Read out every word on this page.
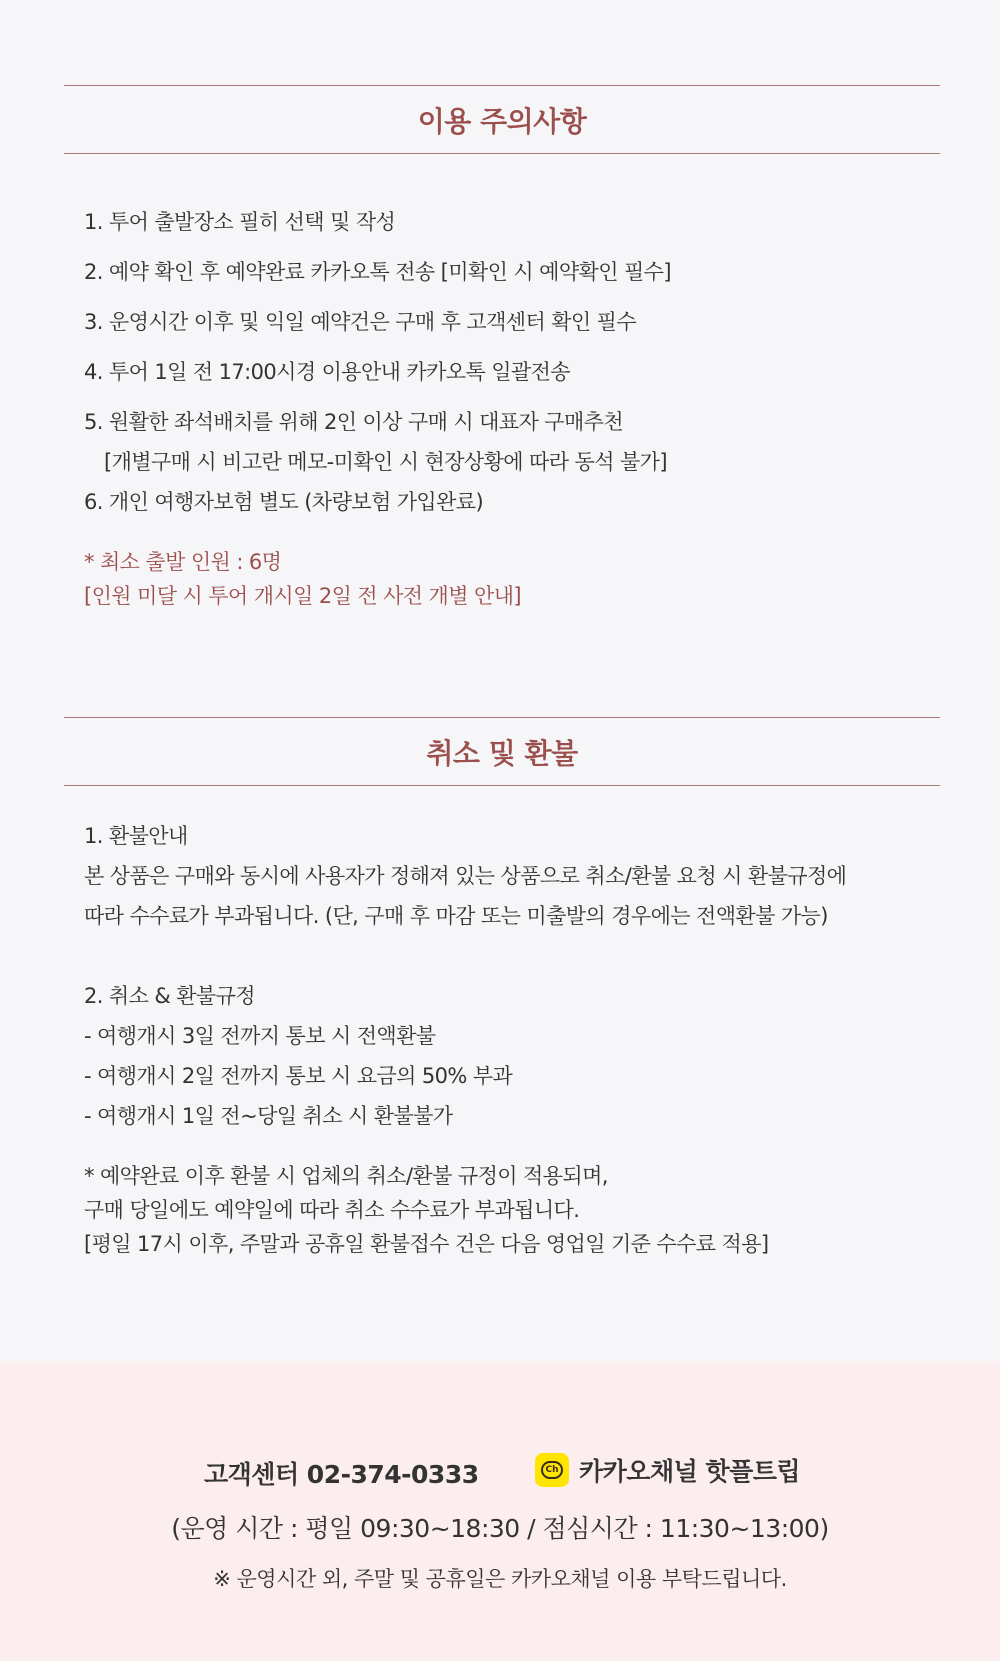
이용 주의사항
1. 투어 출발장소 필히 선택 및 작성
2. 예약 확인 후 예약완료 카카오톡 전송 [미확인 시 예약확인 필수]
3. 운영시간 이후 및 익일 예약건은 구매 후 고객센터 확인 필수
4. 투어 1일 전 17:00시경 이용안내 카카오톡 일괄전송
5. 원활한 좌석배치를 위해 2인 이상 구매 시 대표자 구매추천
[개별구매 시 비고란 메모-미확인 시 현장상황에 따라 동석 불가]
6. 개인 여행자보험 별도 (차량보험 가입완료)
* 최소 출발 인원 : 6명
[인원 미달 시 투어 개시일 2일 전 사전 개별 안내]
취소 및 환불
1. 환불안내
본 상품은 구매와 동시에 사용자가 정해져 있는 상품으로 취소/환불 요청 시 환불규정에
따라 수수료가 부과됩니다. (단, 구매 후 마감 또는 미출발의 경우에는 전액환불 가능)
2. 취소 & 환불규정
- 여행개시 3일 전까지 통보 시 전액환불
- 여행개시 2일 전까지 통보 시 요금의 50% 부과
- 여행개시 1일 전~당일 취소 시 환불불가
* 예약완료 이후 환불 시 업체의 취소/환불 규정이 적용되며,
구매 당일에도 예약일에 따라 취소 수수료가 부과됩니다.
[평일 17시 이후, 주말과 공휴일 환불접수 건은 다음 영업일 기준 수수료 적용]
고객센터 02-374-0333	Ch 카카오채널 핫플트립
(운영 시간 : 평일 09:30~18:30 / 점심시간 : 11:30~13:00)
※ 운영시간 외, 주말 및 공휴일은 카카오채널 이용 부탁드립니다.
